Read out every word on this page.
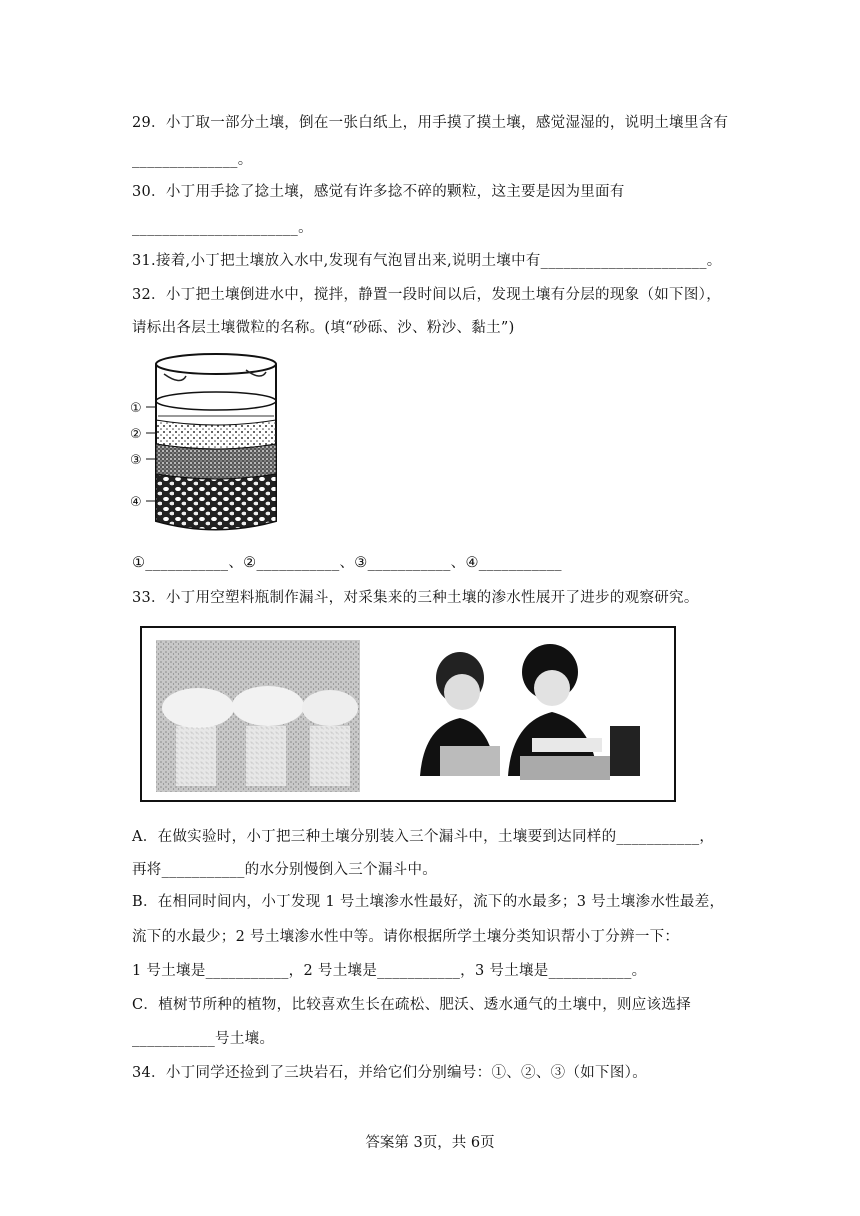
29．小丁取一部分土壤，倒在一张白纸上，用手摸了摸土壤，感觉湿湿的，说明土壤里含有
______________。
30．小丁用手捻了捻土壤，感觉有许多捻不碎的颗粒，这主要是因为里面有
______________________。
31.接着,小丁把土壤放入水中,发现有气泡冒出来,说明土壤中有______________________。
32．小丁把土壤倒进水中，搅拌，静置一段时间以后，发现土壤有分层的现象（如下图），
请标出各层土壤微粒的名称。(填“砂砾、沙、粉沙、黏土”)
①
②
③
④
①___________、②___________、③___________、④___________
33．小丁用空塑料瓶制作漏斗，对采集来的三种土壤的渗水性展开了进步的观察研究。
A．在做实验时，小丁把三种土壤分别装入三个漏斗中，土壤要到达同样的___________，
再将___________的水分别慢倒入三个漏斗中。
B．在相同时间内，小丁发现 1 号土壤渗水性最好，流下的水最多；3 号土壤渗水性最差，
流下的水最少；2 号土壤渗水性中等。请你根据所学土壤分类知识帮小丁分辨一下：
1 号土壤是___________，2 号土壤是___________，3 号土壤是___________。
C．植树节所种的植物，比较喜欢生长在疏松、肥沃、透水通气的土壤中，则应该选择
___________号土壤。
34．小丁同学还捡到了三块岩石，并给它们分别编号：①、②、③（如下图）。
答案第 3页，共 6页
